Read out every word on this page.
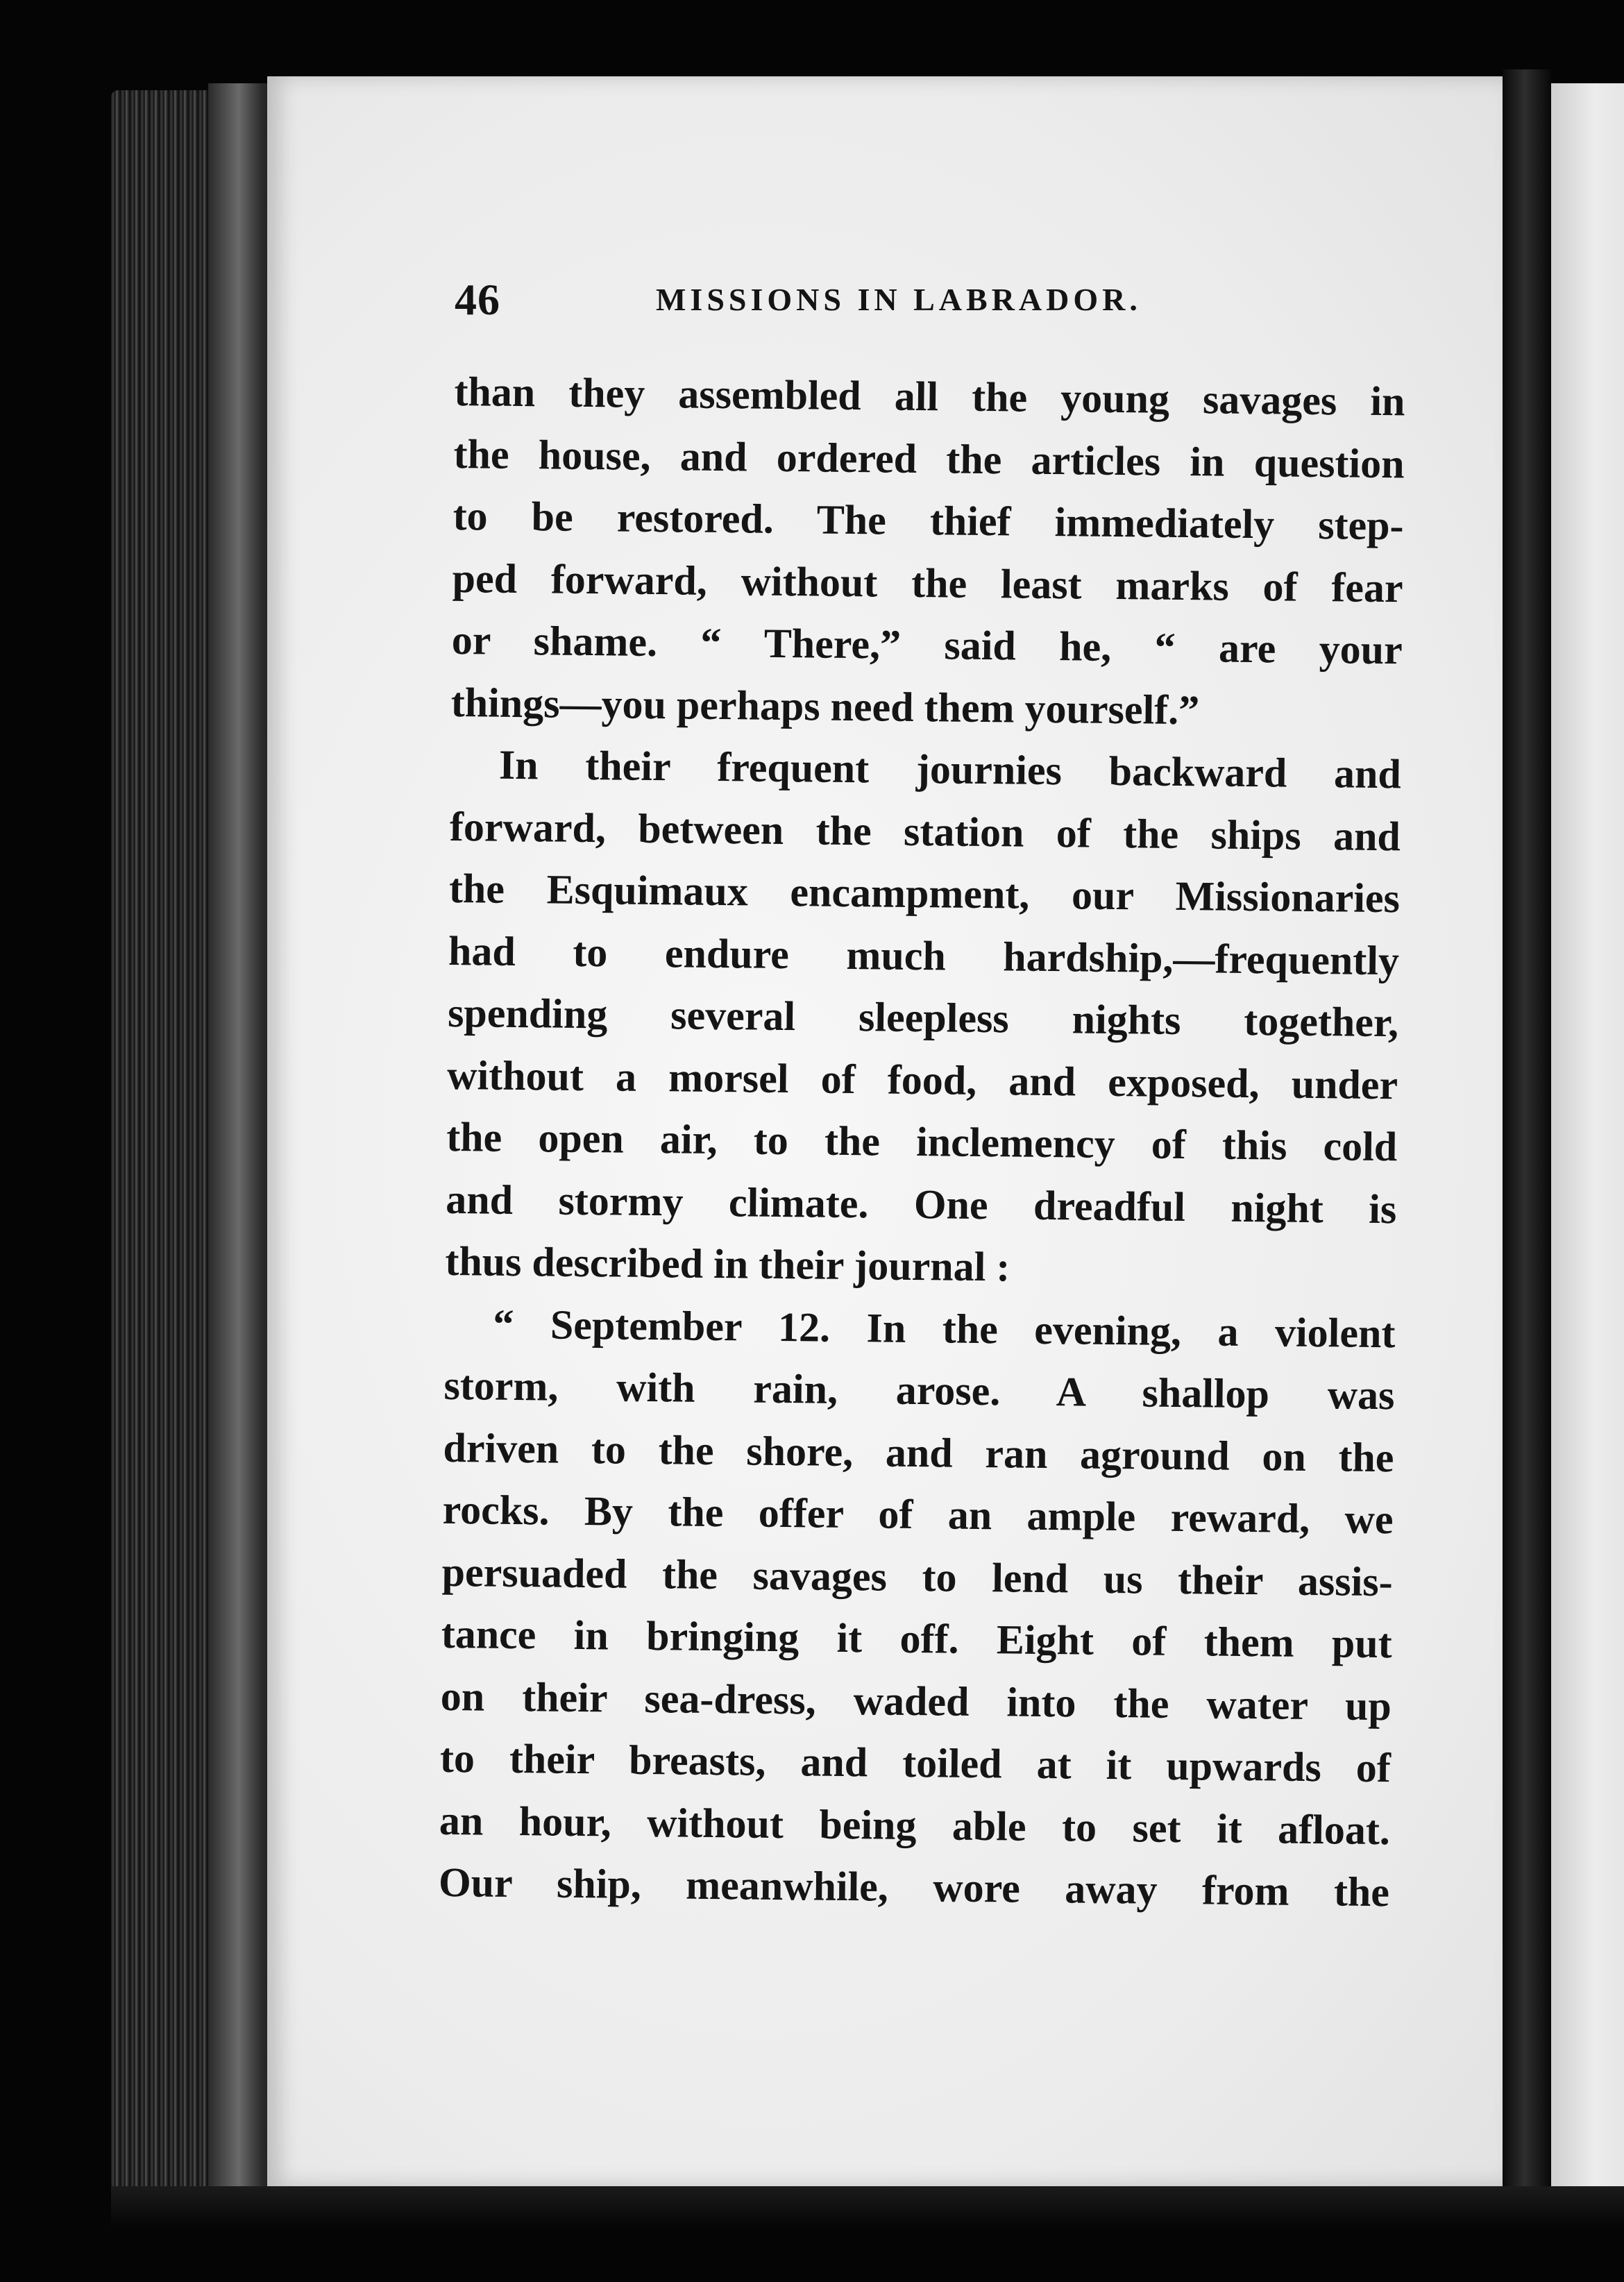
46	MISSIONS IN LABRADOR.
than they assembled all the young savages in
the house, and ordered the articles in question
to be restored. The thief immediately step-
ped forward, without the least marks of fear
or shame. “ There,” said he, “ are your
things—you perhaps need them yourself.”
In their frequent journies backward and
forward, between the station of the ships and
the Esquimaux encampment, our Missionaries
had to endure much hardship,—frequently
spending several sleepless nights together,
without a morsel of food, and exposed, under
the open air, to the inclemency of this cold
and stormy climate. One dreadful night is
thus described in their journal :
“ September 12. In the evening, a violent
storm, with rain, arose. A shallop was
driven to the shore, and ran aground on the
rocks. By the offer of an ample reward, we
persuaded the savages to lend us their assis-
tance in bringing it off. Eight of them put
on their sea-dress, waded into the water up
to their breasts, and toiled at it upwards of
an hour, without being able to set it afloat.
Our ship, meanwhile, wore away from the
